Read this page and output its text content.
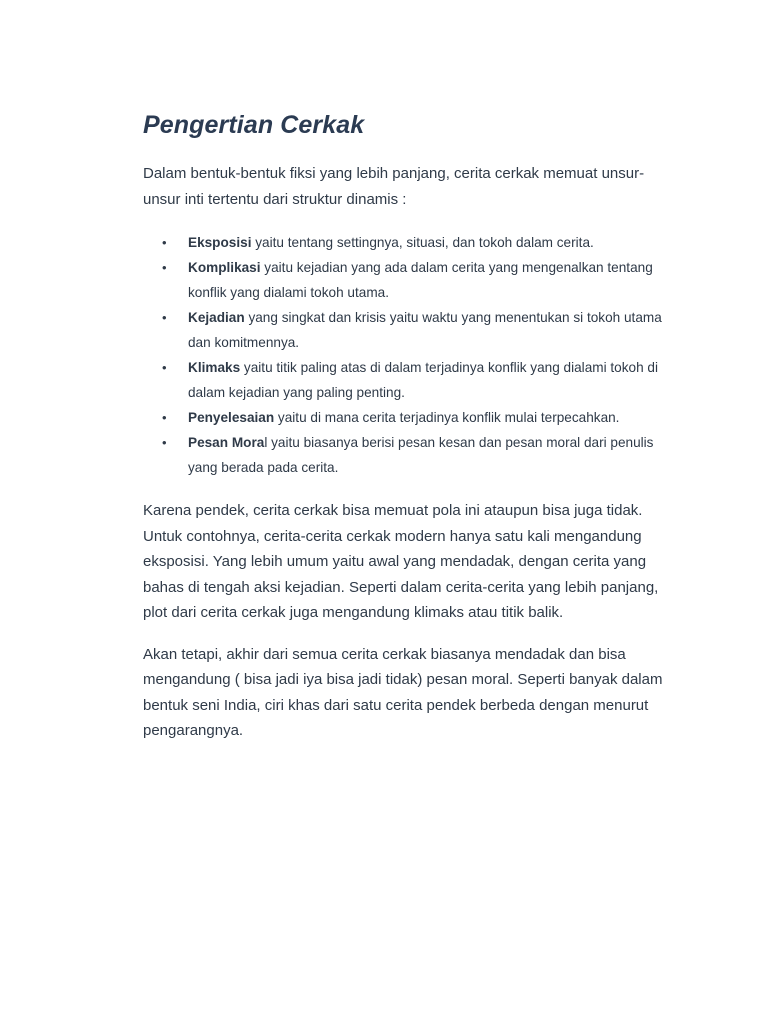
Pengertian Cerkak

Dalam bentuk-bentuk fiksi yang lebih panjang, cerita cerkak memuat unsur-unsur inti tertentu dari struktur dinamis :

• Eksposisi yaitu tentang settingnya, situasi, dan tokoh dalam cerita.
• Komplikasi yaitu kejadian yang ada dalam cerita yang mengenalkan tentang konflik yang dialami tokoh utama.
• Kejadian yang singkat dan krisis yaitu waktu yang menentukan si tokoh utama dan komitmennya.
• Klimaks yaitu titik paling atas di dalam terjadinya konflik yang dialami tokoh di dalam kejadian yang paling penting.
• Penyelesaian yaitu di mana cerita terjadinya konflik mulai terpecahkan.
• Pesan Moral yaitu biasanya berisi pesan kesan dan pesan moral dari penulis yang berada pada cerita.

Karena pendek, cerita cerkak bisa memuat pola ini ataupun bisa juga tidak. Untuk contohnya, cerita-cerita cerkak modern hanya satu kali mengandung eksposisi. Yang lebih umum yaitu awal yang mendadak, dengan cerita yang bahas di tengah aksi kejadian. Seperti dalam cerita-cerita yang lebih panjang, plot dari cerita cerkak juga mengandung klimaks atau titik balik.

Akan tetapi, akhir dari semua cerita cerkak biasanya mendadak dan bisa mengandung ( bisa jadi iya bisa jadi tidak) pesan moral. Seperti banyak dalam bentuk seni India, ciri khas dari satu cerita pendek berbeda dengan menurut pengarangnya.
